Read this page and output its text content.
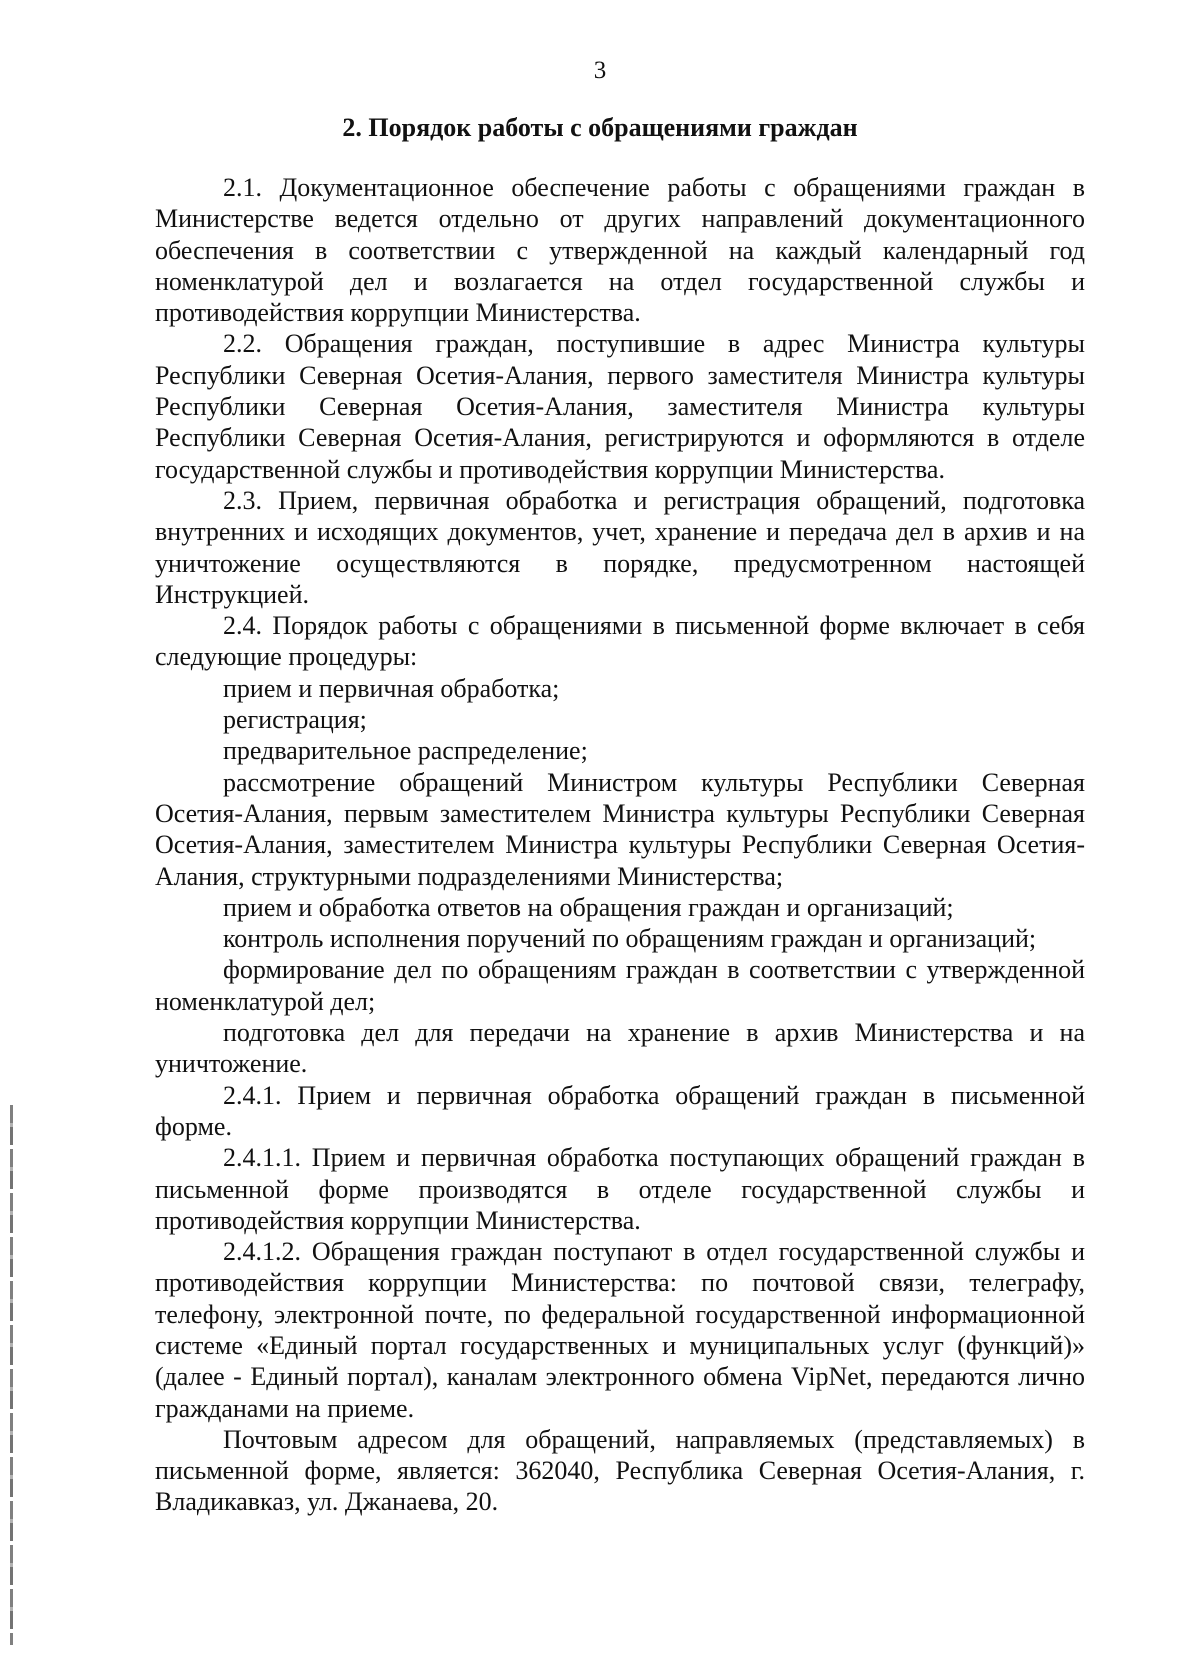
3
2. Порядок работы с обращениями граждан

2.1. Документационное обеспечение работы с обращениями граждан в Министерстве ведется отдельно от других направлений документационного обеспечения в соответствии с утвержденной на каждый календарный год номенклатурой дел и возлагается на отдел государственной службы и противодействия коррупции Министерства.

2.2. Обращения граждан, поступившие в адрес Министра культуры Республики Северная Осетия-Алания, первого заместителя Министра культуры Республики Северная Осетия-Алания, заместителя Министра культуры Республики Северная Осетия-Алания, регистрируются и оформляются в отделе государственной службы и противодействия коррупции Министерства.

2.3. Прием, первичная обработка и регистрация обращений, подготовка внутренних и исходящих документов, учет, хранение и передача дел в архив и на уничтожение осуществляются в порядке, предусмотренном настоящей Инструкцией.

2.4. Порядок работы с обращениями в письменной форме включает в себя следующие процедуры:

прием и первичная обработка;

регистрация;

предварительное распределение;

рассмотрение обращений Министром культуры Республики Северная Осетия-Алания, первым заместителем Министра культуры Республики Северная Осетия-Алания, заместителем Министра культуры Республики Северная Осетия-Алания, структурными подразделениями Министерства;

прием и обработка ответов на обращения граждан и организаций;

контроль исполнения поручений по обращениям граждан и организаций;

формирование дел по обращениям граждан в соответствии с утвержденной номенклатурой дел;

подготовка дел для передачи на хранение в архив Министерства и на уничтожение.

2.4.1. Прием и первичная обработка обращений граждан в письменной форме.

2.4.1.1. Прием и первичная обработка поступающих обращений граждан в письменной форме производятся в отделе государственной службы и противодействия коррупции Министерства.

2.4.1.2. Обращения граждан поступают в отдел государственной службы и противодействия коррупции Министерства: по почтовой связи, телеграфу, телефону, электронной почте, по федеральной государственной информационной системе «Единый портал государственных и муниципальных услуг (функций)» (далее - Единый портал), каналам электронного обмена VipNet, передаются лично гражданами на приеме.

Почтовым адресом для обращений, направляемых (представляемых) в письменной форме, является: 362040, Республика Северная Осетия-Алания, г. Владикавказ, ул. Джанаева, 20.
